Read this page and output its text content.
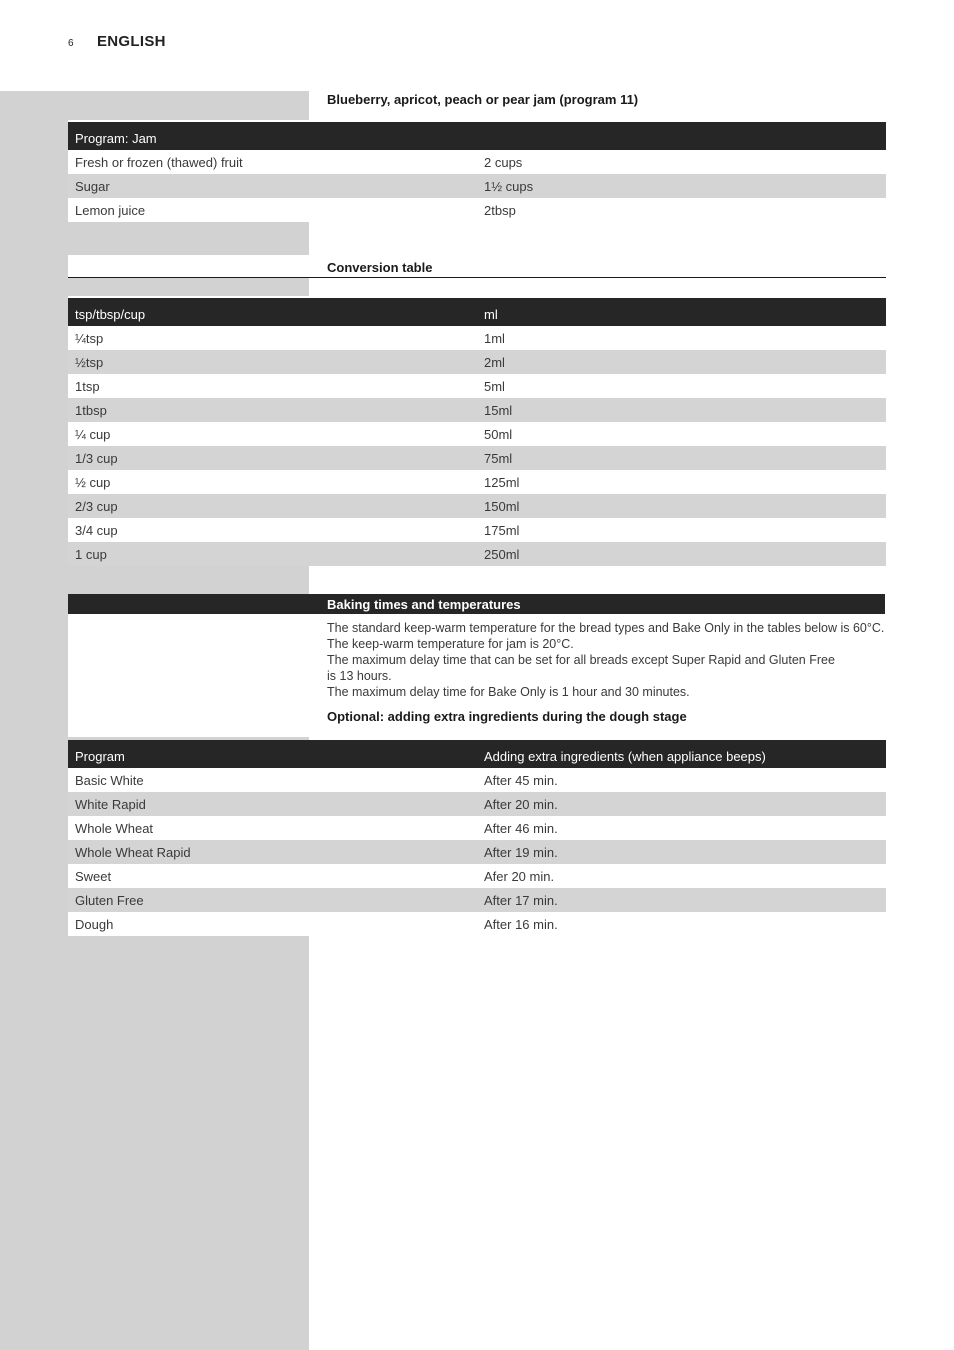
6 ENGLISH
Blueberry, apricot, peach or pear jam (program 11)
Program: Jam
Fresh or frozen (thawed) fruit	2 cups
Sugar	1½ cups
Lemon juice	2tbsp
Conversion table
tsp/tbsp/cup	ml
¼tsp	1ml
½tsp	2ml
1tsp	5ml
1tbsp	15ml
¼ cup	50ml
1/3 cup	75ml
½ cup	125ml
2/3 cup	150ml
3/4 cup	175ml
1 cup	250ml
Baking times and temperatures
The standard keep-warm temperature for the bread types and Bake Only in the tables below is 60°C.
The keep-warm temperature for jam is 20°C.
The maximum delay time that can be set for all breads except Super Rapid and Gluten Free
is 13 hours.
The maximum delay time for Bake Only is 1 hour and 30 minutes.
Optional: adding extra ingredients during the dough stage
Program	Adding extra ingredients (when appliance beeps)
Basic White	After 45 min.
White Rapid	After 20 min.
Whole Wheat	After 46 min.
Whole Wheat Rapid	After 19 min.
Sweet	Afer 20 min.
Gluten Free	After 17 min.
Dough	After 16 min.
